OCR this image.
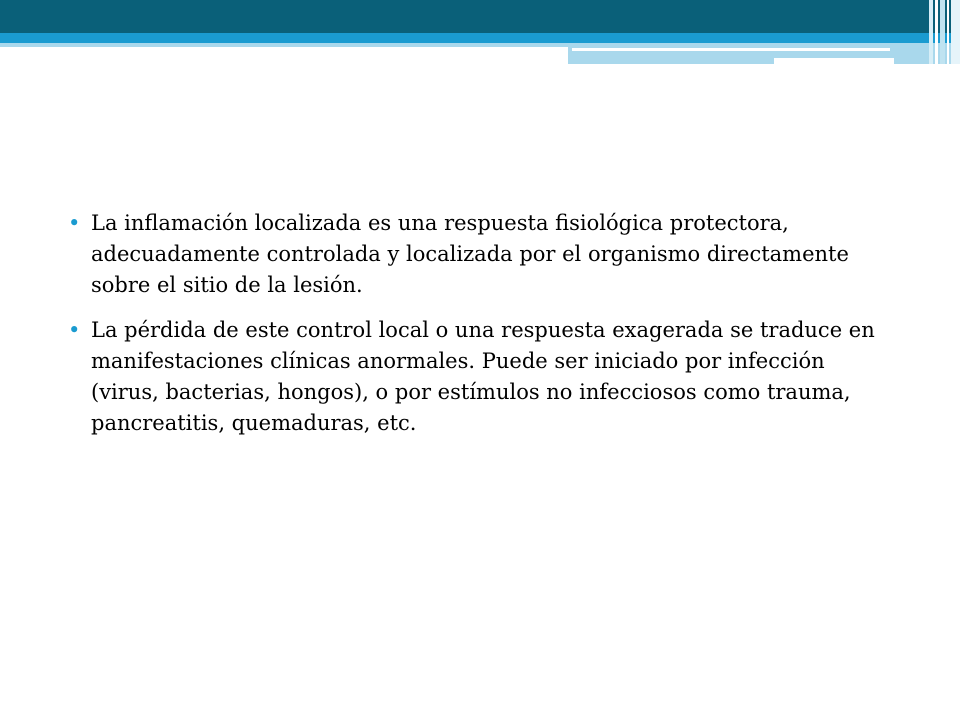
• La inflamación localizada es una respuesta fisiológica protectora, adecuadamente controlada y localizada por el organismo directamente sobre el sitio de la lesión.
• La pérdida de este control local o una respuesta exagerada se traduce en manifestaciones clínicas anormales. Puede ser iniciado por infección (virus, bacterias, hongos), o por estímulos no infecciosos como trauma, pancreatitis, quemaduras, etc.
